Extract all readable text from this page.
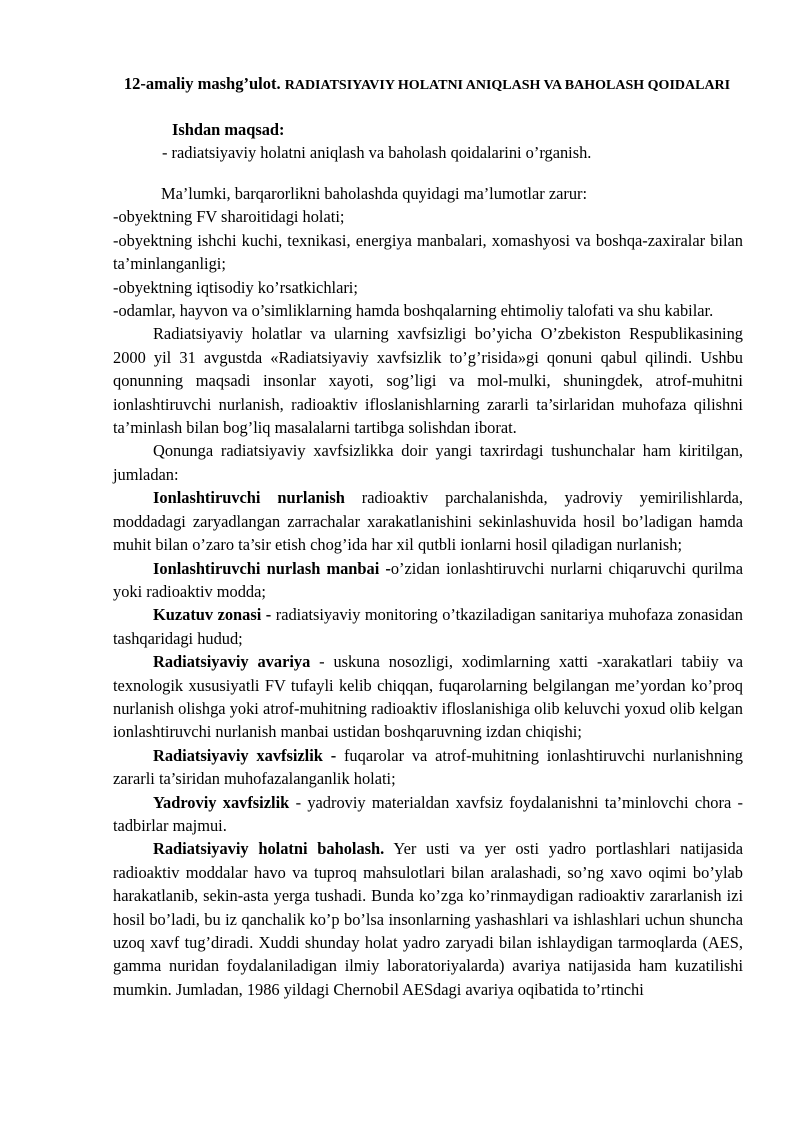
12-amaliy mashg’ulot. RADIATSIYAVIY HOLATNI ANIQLASH VA BAHOLASH QOIDALARI
Ishdan maqsad:
- radiatsiyaviy holatni aniqlash va baholash qoidalarini o’rganish.

Ma’lumki, barqarorlikni baholashda quyidagi ma’lumotlar zarur:

-obyektning FV sharoitidagi holati;

-obyektning ishchi kuchi, texnikasi, energiya manbalari, xomashyosi va boshqa-zaxiralar bilan ta’minlanganligi;

-obyektning iqtisodiy ko’rsatkichlari;

-odamlar, hayvon va o’simliklarning hamda boshqalarning ehtimoliy talofati va shu kabilar.

Radiatsiyaviy holatlar va ularning xavfsizligi bo’yicha O’zbekiston Respublikasining 2000 yil 31 avgustda «Radiatsiyaviy xavfsizlik to’g’risida»gi qonuni qabul qilindi. Ushbu qonunning maqsadi insonlar xayoti, sog’ligi va mol-mulki, shuningdek, atrof-muhitni ionlashtiruvchi nurlanish, radioaktiv ifloslanishlarning zararli ta’sirlaridan muhofaza qilishni ta’minlash bilan bog’liq masalalarni tartibga solishdan iborat.

Qonunga radiatsiyaviy xavfsizlikka doir yangi taxrirdagi tushunchalar ham kiritilgan, jumladan:

Ionlashtiruvchi nurlanish radioaktiv parchalanishda, yadroviy yemirilishlarda, moddadagi zaryadlangan zarrachalar xarakatlanishini sekinlashuvida hosil bo’ladigan hamda muhit bilan o’zaro ta’sir etish chog’ida har xil qutbli ionlarni hosil qiladigan nurlanish;

Ionlashtiruvchi nurlash manbai -o’zidan ionlashtiruvchi nurlarni chiqaruvchi qurilma yoki radioaktiv modda;

Kuzatuv zonasi - radiatsiyaviy monitoring o’tkaziladigan sanitariya muhofaza zonasidan tashqaridagi hudud;

Radiatsiyaviy avariya - uskuna nosozligi, xodimlarning xatti -xarakatlari tabiiy va texnologik xususiyatli FV tufayli kelib chiqqan, fuqarolarning belgilangan me’yordan ko’proq nurlanish olishga yoki atrof-muhitning radioaktiv ifloslanishiga olib keluvchi yoxud olib kelgan ionlashtiruvchi nurlanish manbai ustidan boshqaruvning izdan chiqishi;

Radiatsiyaviy xavfsizlik - fuqarolar va atrof-muhitning ionlashtiruvchi nurlanishning zararli ta’siridan muhofazalanganlik holati;

Yadroviy xavfsizlik - yadroviy materialdan xavfsiz foydalanishni ta’minlovchi chora -tadbirlar majmui.

Radiatsiyaviy holatni baholash. Yer usti va yer osti yadro portlashlari natijasida radioaktiv moddalar havo va tuproq mahsulotlari bilan aralashadi, so’ng xavo oqimi bo’ylab harakatlanib, sekin-asta yerga tushadi. Bunda ko’zga ko’rinmaydigan radioaktiv zararlanish izi hosil bo’ladi, bu iz qanchalik ko’p bo’lsa insonlarning yashashlari va ishlashlari uchun shuncha uzoq xavf tug’diradi. Xuddi shunday holat yadro zaryadi bilan ishlaydigan tarmoqlarda (AES, gamma nuridan foydalaniladigan ilmiy laboratoriyalarda) avariya natijasida ham kuzatilishi mumkin. Jumladan, 1986 yildagi Chernobil AESdagi avariya oqibatida to’rtinchi
